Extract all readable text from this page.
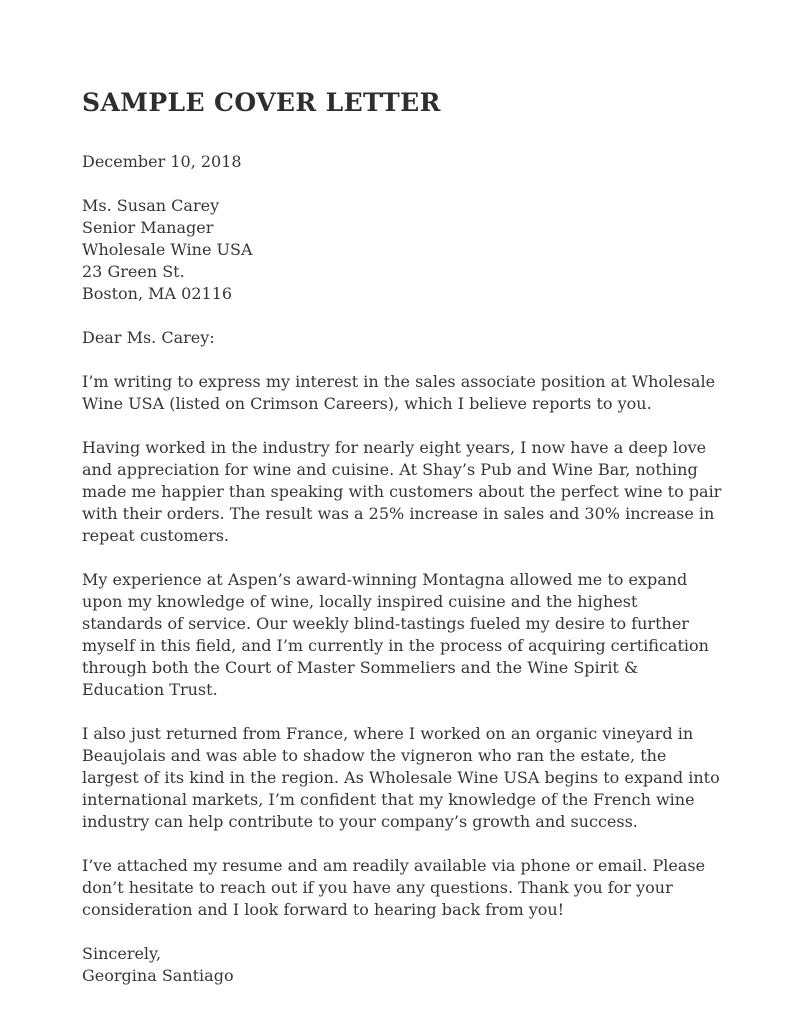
SAMPLE COVER LETTER

December 10, 2018

Ms. Susan Carey

Senior Manager

Wholesale Wine USA

23 Green St.

Boston, MA 02116

Dear Ms. Carey:

I’m writing to express my interest in the sales associate position at Wholesale Wine USA (listed on Crimson Careers), which I believe reports to you.

Having worked in the industry for nearly eight years, I now have a deep love and appreciation for wine and cuisine. At Shay’s Pub and Wine Bar, nothing made me happier than speaking with customers about the perfect wine to pair with their orders. The result was a 25% increase in sales and 30% increase in repeat customers.

My experience at Aspen’s award-winning Montagna allowed me to expand upon my knowledge of wine, locally inspired cuisine and the highest standards of service. Our weekly blind-tastings fueled my desire to further myself in this field, and I’m currently in the process of acquiring certification through both the Court of Master Sommeliers and the Wine Spirit & Education Trust.

I also just returned from France, where I worked on an organic vineyard in Beaujolais and was able to shadow the vigneron who ran the estate, the largest of its kind in the region. As Wholesale Wine USA begins to expand into international markets, I’m confident that my knowledge of the French wine industry can help contribute to your company’s growth and success.

I’ve attached my resume and am readily available via phone or email. Please don’t hesitate to reach out if you have any questions. Thank you for your consideration and I look forward to hearing back from you!

Sincerely,

Georgina Santiago
